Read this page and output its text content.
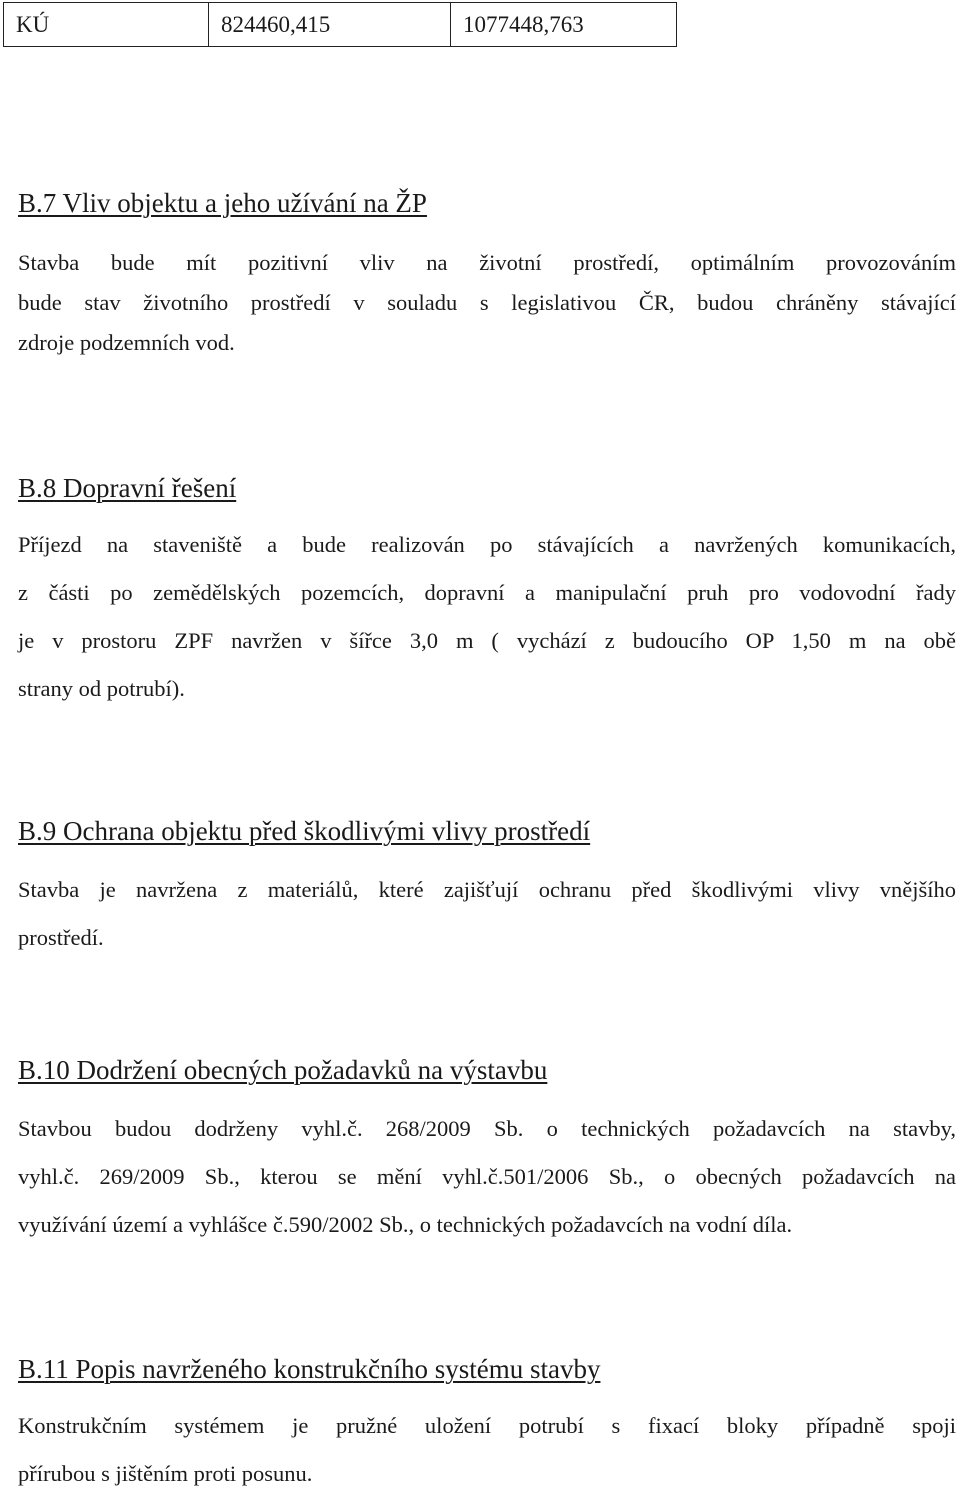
KÚ	824460,415	1077448,763
B.7 Vliv objektu a jeho užívání na ŽP
Stavba bude mít pozitivní vliv na životní prostředí, optimálním provozováním
bude stav životního prostředí v souladu s legislativou ČR, budou chráněny stávající
zdroje podzemních vod.
B.8 Dopravní řešení
Příjezd na staveniště a bude realizován po stávajících a navržených komunikacích,
z části po zemědělských pozemcích, dopravní a manipulační pruh pro vodovodní řady
je v prostoru ZPF navržen v šířce 3,0 m ( vychází z budoucího OP 1,50 m na obě
strany od potrubí).
B.9 Ochrana objektu před škodlivými vlivy prostředí
Stavba je navržena z materiálů, které zajišťují ochranu před škodlivými vlivy vnějšího
prostředí.
B.10 Dodržení obecných požadavků na výstavbu
Stavbou budou dodrženy vyhl.č. 268/2009 Sb. o technických požadavcích na stavby,
vyhl.č. 269/2009 Sb., kterou se mění vyhl.č.501/2006 Sb., o obecných požadavcích na
využívání území a vyhlášce č.590/2002 Sb., o technických požadavcích na vodní díla.
B.11 Popis navrženého konstrukčního systému stavby
Konstrukčním systémem je pružné uložení potrubí s fixací bloky případně spoji
přírubou s jištěním proti posunu.
